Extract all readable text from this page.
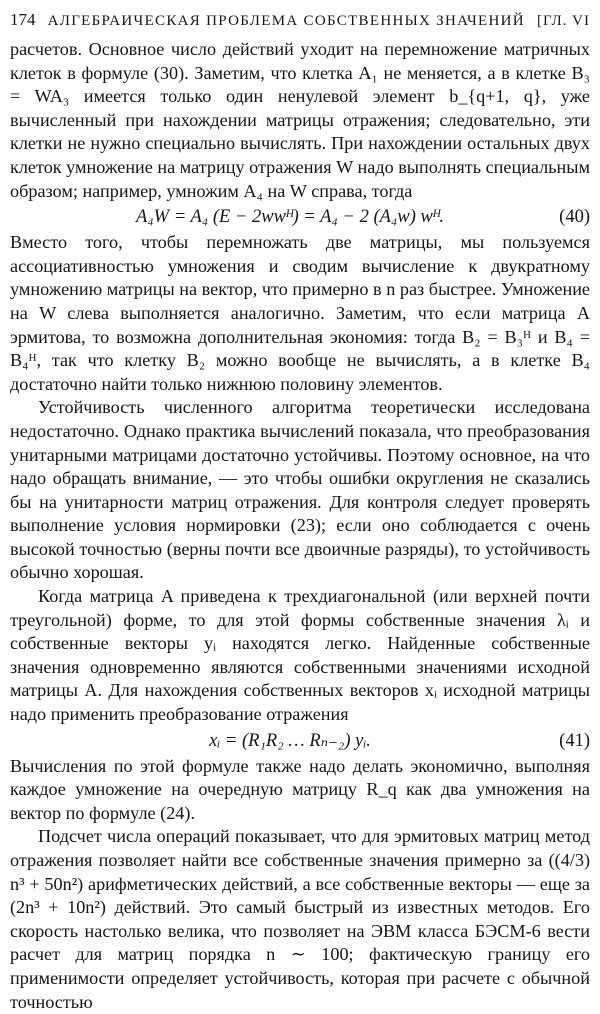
174 АЛГЕБРАИЧЕСКАЯ ПРОБЛЕМА СОБСТВЕННЫХ ЗНАЧЕНИЙ [ГЛ. VI

расчетов. Основное число действий уходит на перемножение матричных клеток в формуле (30). Заметим, что клетка A₁ не меняется, а в клетке B₃ = WA₃ имеется только один ненулевой элемент b_{q+1, q}, уже вычисленный при нахождении матрицы отражения; следовательно, эти клетки не нужно специально вычислять. При нахождении остальных двух клеток умножение на матрицу отражения W надо выполнять специальным образом; например, умножим A₄ на W справа, тогда

A₄W = A₄ (E − 2wwᴴ) = A₄ − 2 (A₄w) wᴴ.	(40)

Вместо того, чтобы перемножать две матрицы, мы пользуемся ассоциативностью умножения и сводим вычисление к двукратному умножению матрицы на вектор, что примерно в n раз быстрее. Умножение на W слева выполняется аналогично. Заметим, что если матрица A эрмитова, то возможна дополнительная экономия: тогда B₂ = B₃ᴴ и B₄ = B₄ᴴ, так что клетку B₂ можно вообще не вычислять, а в клетке B₄ достаточно найти только нижнюю половину элементов.

Устойчивость численного алгоритма теоретически исследована недостаточно. Однако практика вычислений показала, что преобразования унитарными матрицами достаточно устойчивы. Поэтому основное, на что надо обращать внимание, — это чтобы ошибки округления не сказались бы на унитарности матриц отражения. Для контроля следует проверять выполнение условия нормировки (23); если оно соблюдается с очень высокой точностью (верны почти все двоичные разряды), то устойчивость обычно хорошая.

Когда матрица A приведена к трехдиагональной (или верхней почти треугольной) форме, то для этой формы собственные значения λᵢ и собственные векторы yᵢ находятся легко. Найденные собственные значения одновременно являются собственными значениями исходной матрицы A. Для нахождения собственных векторов xᵢ исходной матрицы надо применить преобразование отражения

xᵢ = (R₁R₂ … Rₙ₋₂) yᵢ.	(41)

Вычисления по этой формуле также надо делать экономично, выполняя каждое умножение на очередную матрицу R_q как два умножения на вектор по формуле (24).

Подсчет числа операций показывает, что для эрмитовых матриц метод отражения позволяет найти все собственные значения примерно за ((4/3) n³ + 50n²) арифметических действий, а все собственные векторы — еще за (2n³ + 10n²) действий. Это самый быстрый из известных методов. Его скорость настолько велика, что позволяет на ЭВМ класса БЭСМ-6 вести расчет для матриц порядка n ∼ 100; фактическую границу его применимости определяет устойчивость, которая при расчете с обычной точностью
